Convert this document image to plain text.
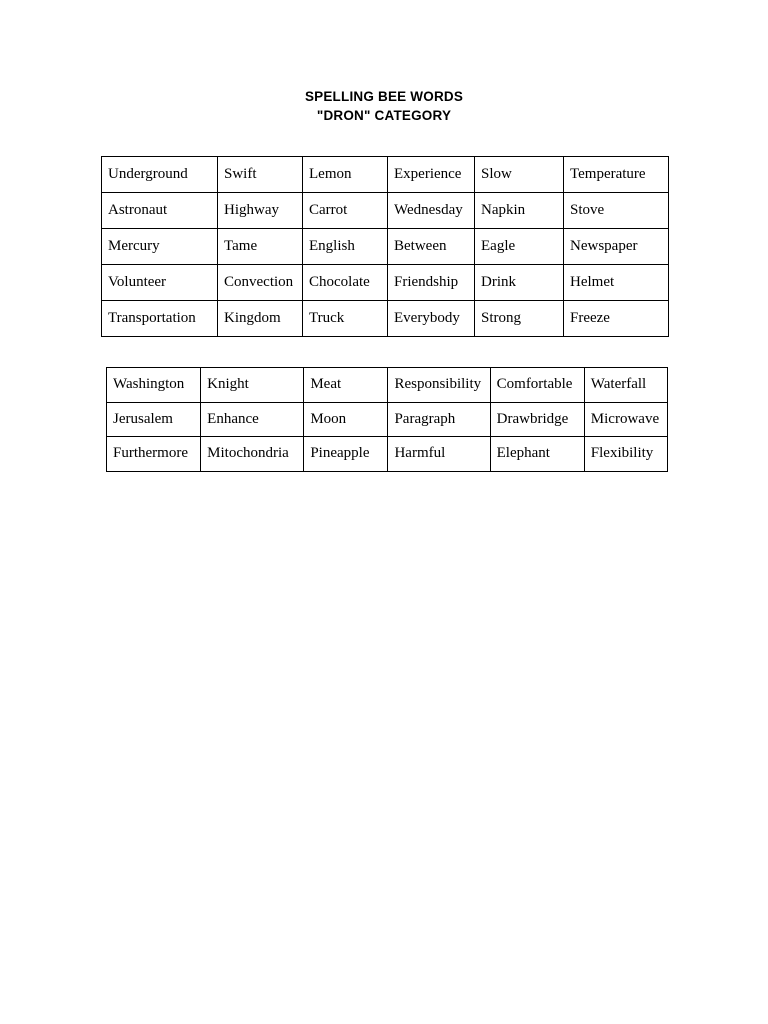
SPELLING BEE WORDS
"DRON" CATEGORY
Underground	Swift	Lemon	Experience	Slow	Temperature
Astronaut	Highway	Carrot	Wednesday	Napkin	Stove
Mercury	Tame	English	Between	Eagle	Newspaper
Volunteer	Convection	Chocolate	Friendship	Drink	Helmet
Transportation	Kingdom	Truck	Everybody	Strong	Freeze
Washington	Knight	Meat	Responsibility	Comfortable	Waterfall
Jerusalem	Enhance	Moon	Paragraph	Drawbridge	Microwave
Furthermore	Mitochondria	Pineapple	Harmful	Elephant	Flexibility
